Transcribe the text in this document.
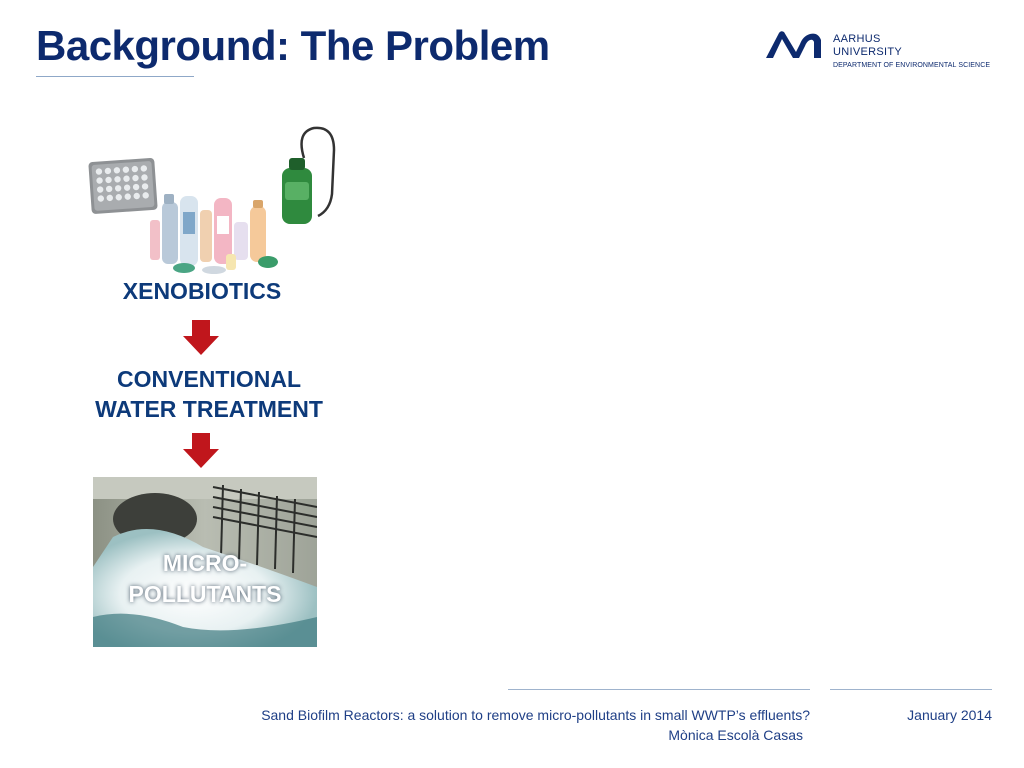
Background: The Problem	AARHUS
UNIVERSITY
DEPARTMENT OF ENVIRONMENTAL SCIENCE
XENOBIOTICS
CONVENTIONAL
WATER TREATMENT
MICRO-
POLLUTANTS
Sand Biofilm Reactors: a solution to remove micro-pollutants in small WWTP’s effluents?
Mònica Escolà Casas
January 2014
